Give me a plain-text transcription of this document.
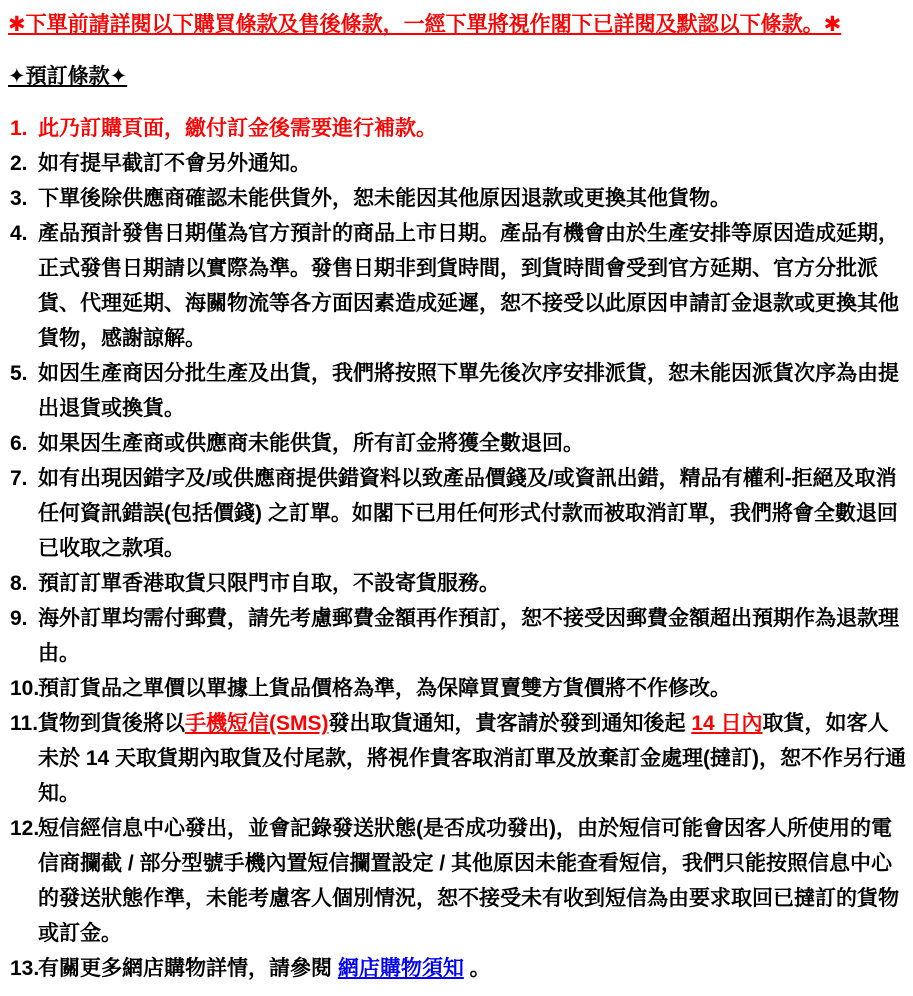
✱下單前請詳閱以下購買條款及售後條款，一經下單將視作閣下已詳閱及默認以下條款。✱
✦預訂條款✦
1. 此乃訂購頁面，繳付訂金後需要進行補款。
2. 如有提早截訂不會另外通知。
3. 下單後除供應商確認未能供貨外，恕未能因其他原因退款或更換其他貨物。
4. 產品預計發售日期僅為官方預計的商品上市日期。產品有機會由於生產安排等原因造成延期，正式發售日期請以實際為準。發售日期非到貨時間，到貨時間會受到官方延期、官方分批派貨、代理延期、海關物流等各方面因素造成延遲，恕不接受以此原因申請訂金退款或更換其他貨物，感謝諒解。
5. 如因生產商因分批生產及出貨，我們將按照下單先後次序安排派貨，恕未能因派貨次序為由提出退貨或換貨。
6. 如果因生產商或供應商未能供貨，所有訂金將獲全數退回。
7. 如有出現因錯字及/或供應商提供錯資料以致產品價錢及/或資訊出錯，精品有權利-拒絕及取消任何資訊錯誤(包括價錢) 之訂單。如閣下已用任何形式付款而被取消訂單，我們將會全數退回已收取之款項。
8. 預訂訂單香港取貨只限門市自取，不設寄貨服務。
9. 海外訂單均需付郵費，請先考慮郵費金額再作預訂，恕不接受因郵費金額超出預期作為退款理由。
10.
預訂貨品之單價以單據上貨品價格為準，為保障買賣雙方貨價將不作修改。
11. 貨物到貨後將以手機短信(SMS)發出取貨通知，貴客請於發到通知後起 14 日內取貨，如客人未於 14 天取貨期內取貨及付尾款，將視作貴客取消訂單及放棄訂金處理(撻訂)，恕不作另行通知。
12.
短信經信息中心發出，並會記錄發送狀態(是否成功發出)，由於短信可能會因客人所使用的電信商攔截 / 部分型號手機內置短信攔置設定 / 其他原因未能查看短信，我們只能按照信息中心的發送狀態作準，未能考慮客人個別情況，恕不接受未有收到短信為由要求取回已撻訂的貨物或訂金。
13.
有關更多網店購物詳情，請參閱 網店購物須知 。
